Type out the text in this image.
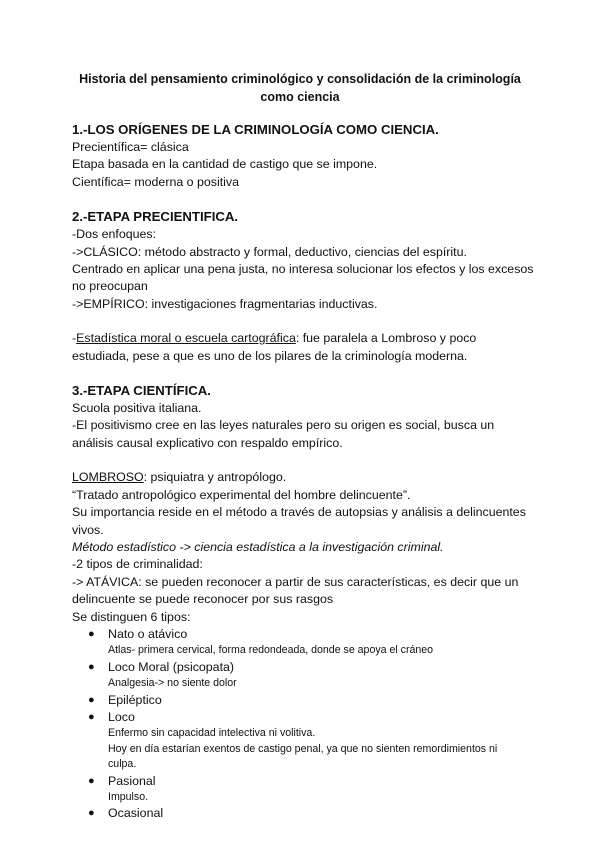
Historia del pensamiento criminológico y consolidación de la criminología
como ciencia
1.-LOS ORÍGENES DE LA CRIMINOLOGÍA COMO CIENCIA.
Precientífica= clásica
Etapa basada en la cantidad de castigo que se impone.
Científica= moderna o positiva
2.-ETAPA PRECIENTIFICA.
-Dos enfoques:
->CLÁSICO: método abstracto y formal, deductivo, ciencias del espíritu.
Centrado en aplicar una pena justa, no interesa solucionar los efectos y los excesos
no preocupan
->EMPÍRICO: investigaciones fragmentarias inductivas.
-Estadística moral o escuela cartográfica: fue paralela a Lombroso y poco
estudiada, pese a que es uno de los pilares de la criminología moderna.
3.-ETAPA CIENTÍFICA.
Scuola positiva italiana.
-El positivismo cree en las leyes naturales pero su origen es social, busca un
análisis causal explicativo con respaldo empírico.
LOMBROSO: psiquiatra y antropólogo.
“Tratado antropológico experimental del hombre delincuente”.
Su importancia reside en el método a través de autopsias y análisis a delincuentes
vivos.
Método estadístico -> ciencia estadística a la investigación criminal.
-2 tipos de criminalidad:
-> ATÁVICA: se pueden reconocer a partir de sus características, es decir que un
delincuente se puede reconocer por sus rasgos
Se distinguen 6 tipos:
● Nato o atávico
Atlas- primera cervical, forma redondeada, donde se apoya el cráneo
● Loco Moral (psicopata)
Analgesia-> no siente dolor
● Epiléptico
● Loco
Enfermo sin capacidad intelectiva ni volitiva.
Hoy en día estarían exentos de castigo penal, ya que no sienten remordimientos ni
culpa.
● Pasional
Impulso.
● Ocasional
